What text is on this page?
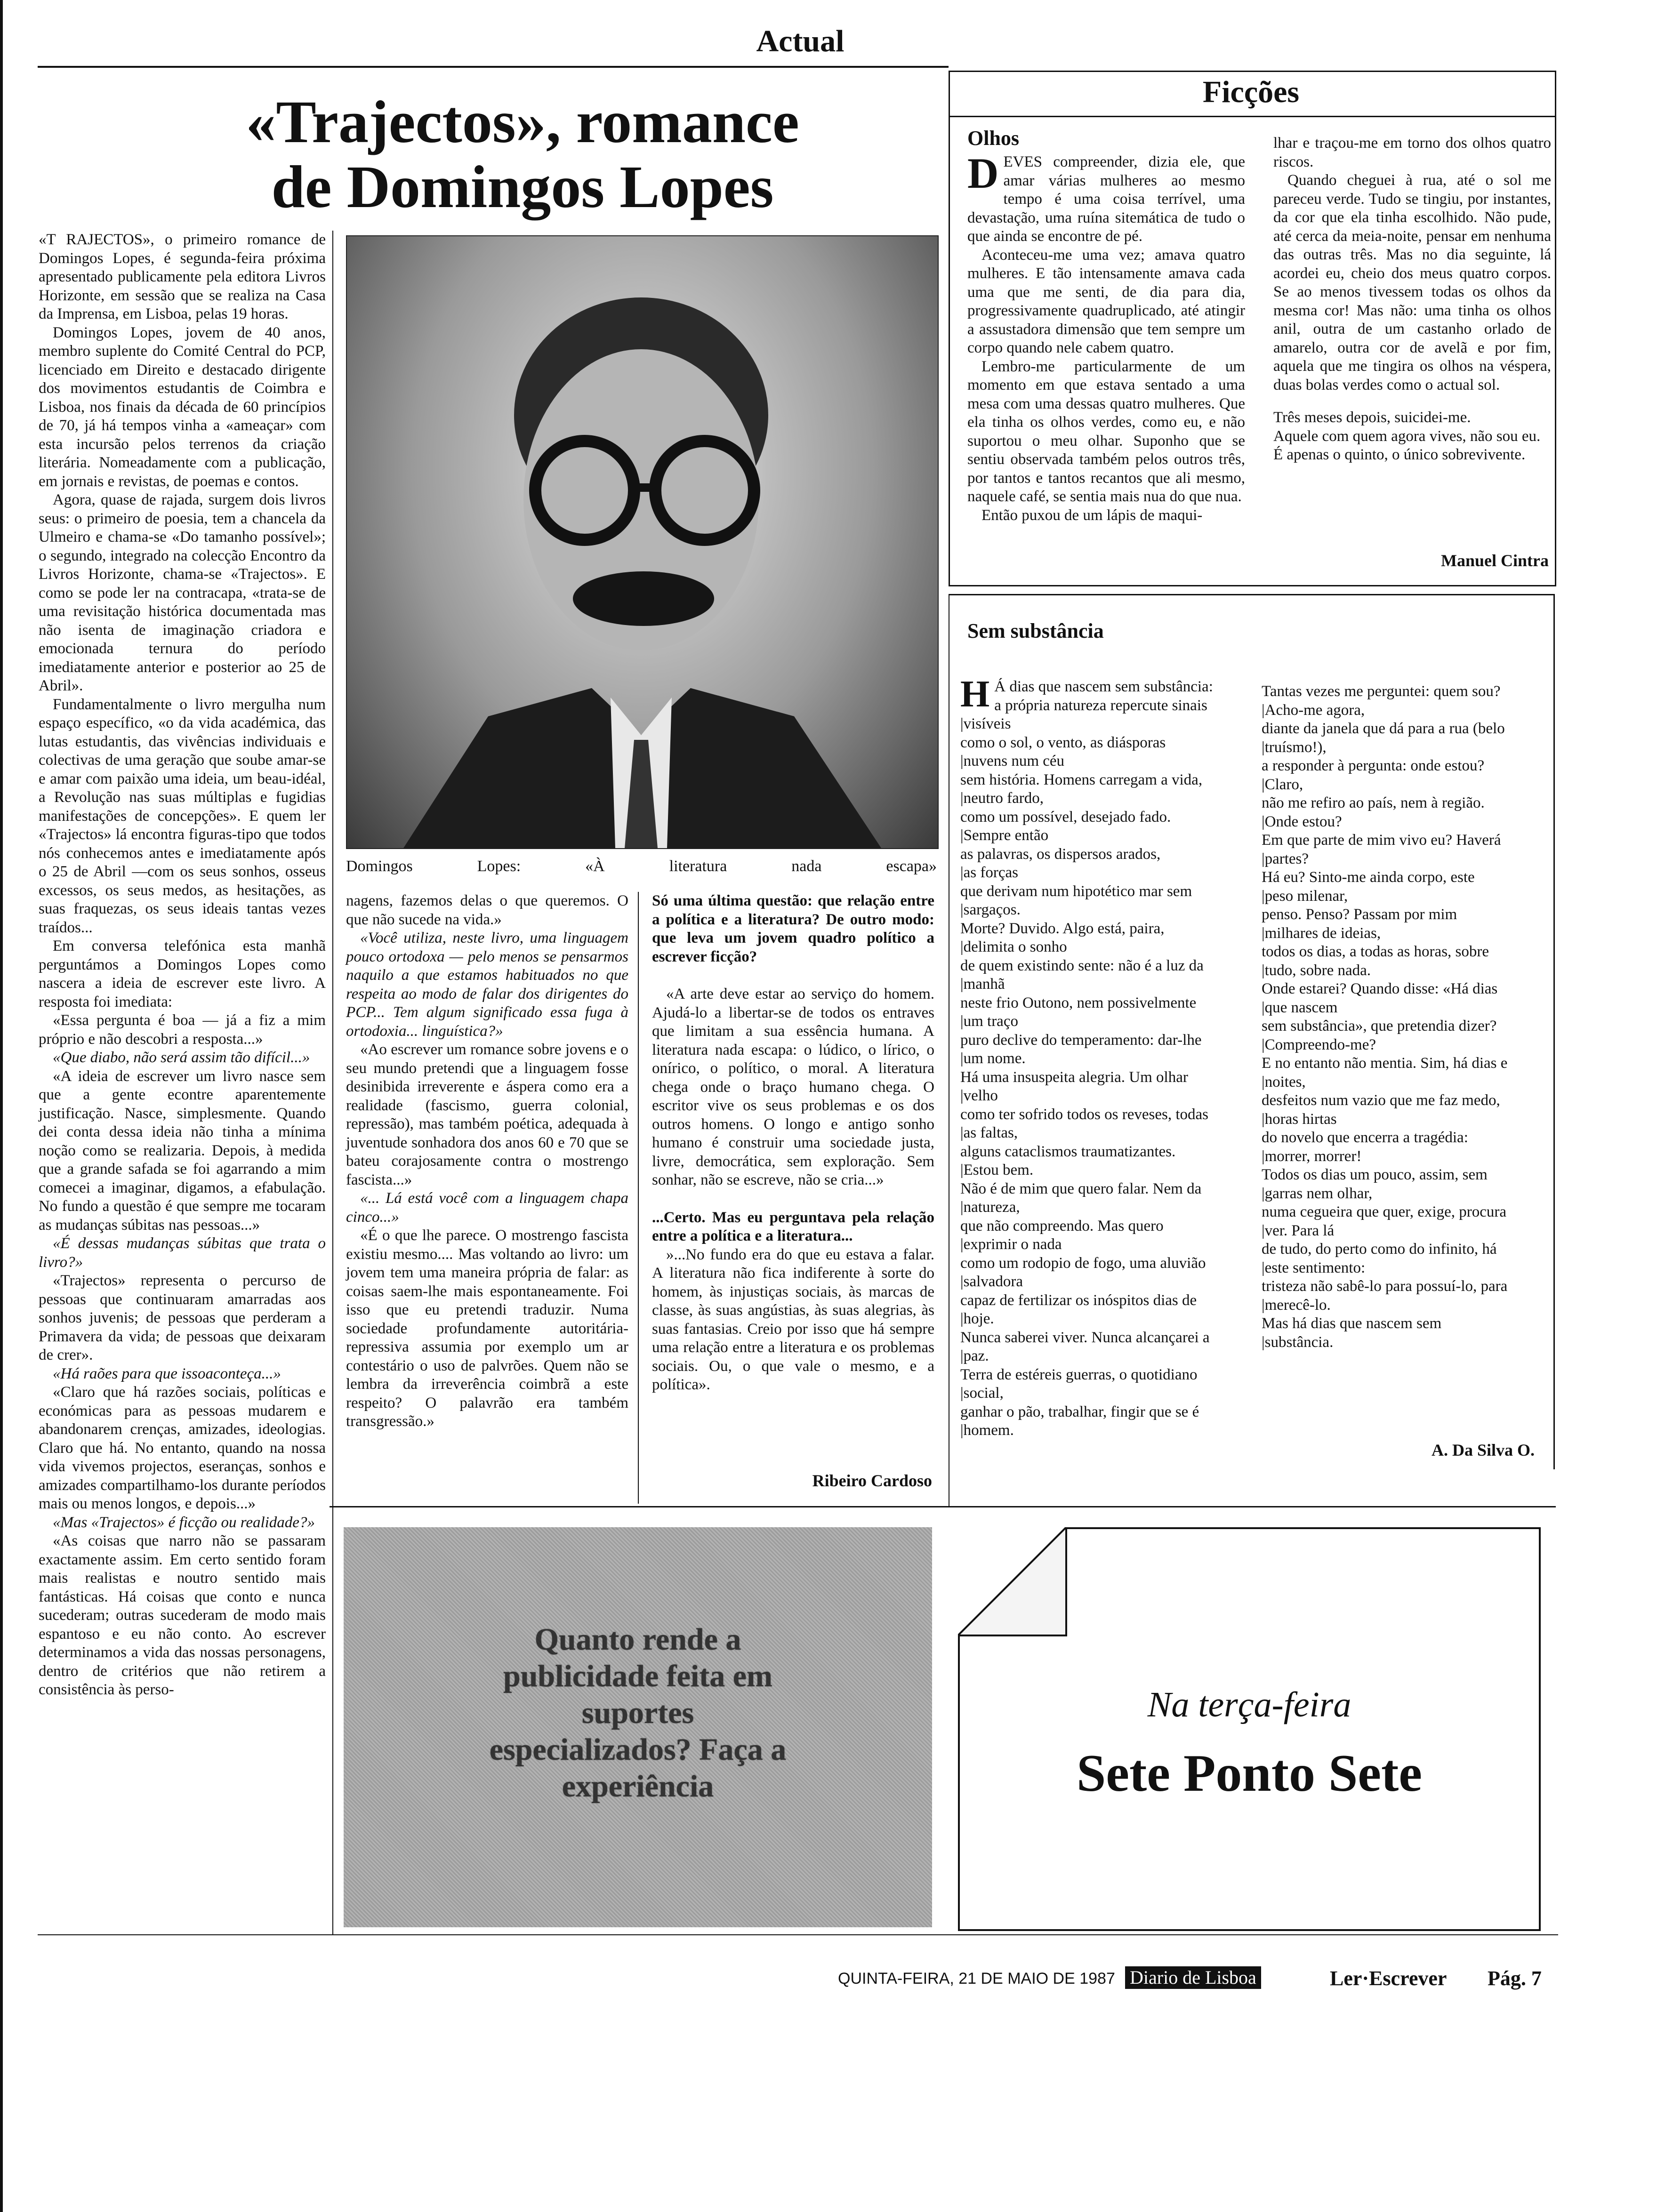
Actual
«Trajectos», romance
de Domingos Lopes

«T RAJECTOS», o primeiro romance de Domingos Lopes, é segunda-feira próxima apresentado publicamente pela editora Livros Horizonte, em sessão que se realiza na Casa da Imprensa, em Lisboa, pelas 19 horas.

Domingos Lopes, jovem de 40 anos, membro suplente do Comité Central do PCP, licenciado em Direito e destacado dirigente dos movimentos estudantis de Coimbra e Lisboa, nos finais da década de 60 princípios de 70, já há tempos vinha a «ameaçar» com esta incursão pelos terrenos da criação literária. Nomeadamente com a publicação, em jornais e revistas, de poemas e contos.

Agora, quase de rajada, surgem dois livros seus: o primeiro de poesia, tem a chancela da Ulmeiro e chama-se «Do tamanho possível»; o segundo, integrado na colecção Encontro da Livros Horizonte, chama-se «Trajectos». E como se pode ler na contracapa, «trata-se de uma revisitação histórica documentada mas não isenta de imaginação criadora e emocionada ternura do período imediatamente anterior e posterior ao 25 de Abril».

Fundamentalmente o livro mergulha num espaço específico, «o da vida académica, das lutas estudantis, das vivências individuais e colectivas de uma geração que soube amar-se e amar com paixão uma ideia, um beau-idéal, a Revolução nas suas múltiplas e fugidias manifestações de concepções». E quem ler «Trajectos» lá encontra figuras-tipo que todos nós conhecemos antes e imediatamente após o 25 de Abril —com os seus sonhos, osseus excessos, os seus medos, as hesitações, as suas fraquezas, os seus ideais tantas vezes traídos...

Em conversa telefónica esta manhã perguntámos a Domingos Lopes como nascera a ideia de escrever este livro. A resposta foi imediata:

«Essa pergunta é boa — já a fiz a mim próprio e não descobri a resposta...»

«Que diabo, não será assim tão difícil...»

«A ideia de escrever um livro nasce sem que a gente econtre aparentemente justificação. Nasce, simplesmente. Quando dei conta dessa ideia não tinha a mínima noção como se realizaria. Depois, à medida que a grande safada se foi agarrando a mim comecei a imaginar, digamos, a efabulação. No fundo a questão é que sempre me tocaram as mudanças súbitas nas pessoas...»

«É dessas mudanças súbitas que trata o livro?»

«Trajectos» representa o percurso de pessoas que continuaram amarradas aos sonhos juvenis; de pessoas que perderam a Primavera da vida; de pessoas que deixaram de crer».

«Há raões para que issoaconteça...»

«Claro que há razões sociais, políticas e económicas para as pessoas mudarem e abandonarem crenças, amizades, ideologias. Claro que há. No entanto, quando na nossa vida vivemos projectos, eseranças, sonhos e amizades compartilhamo-los durante períodos mais ou menos longos, e depois...»

«Mas «Trajectos» é ficção ou realidade?»

«As coisas que narro não se passaram exactamente assim. Em certo sentido foram mais realistas e noutro sentido mais fantásticas. Há coisas que conto e nunca sucederam; outras sucederam de modo mais espantoso e eu não conto. Ao escrever determinamos a vida das nossas personagens, dentro de critérios que não retirem a consistência às perso-

Domingos Lopes: «À literatura nada escapa»

nagens, fazemos delas o que queremos. O que não sucede na vida.»

«Você utiliza, neste livro, uma linguagem pouco ortodoxa — pelo menos se pensarmos naquilo a que estamos habituados no que respeita ao modo de falar dos dirigentes do PCP... Tem algum significado essa fuga à ortodoxia... linguística?»

«Ao escrever um romance sobre jovens e o seu mundo pretendi que a linguagem fosse desinibida irreverente e áspera como era a realidade (fascismo, guerra colonial, repressão), mas também poética, adequada à juventude sonhadora dos anos 60 e 70 que se bateu corajosamente contra o mostrengo fascista...»

«... Lá está você com a linguagem chapa cinco...»

«É o que lhe parece. O mostrengo fascista existiu mesmo.... Mas voltando ao livro: um jovem tem uma maneira própria de falar: as coisas saem-lhe mais espontaneamente. Foi isso que eu pretendi traduzir. Numa sociedade profundamente autoritária-repressiva assumia por exemplo um ar contestário o uso de palvrões. Quem não se lembra da irreverência coimbrã a este respeito? O palavrão era também transgressão.»

Só uma última questão: que relação entre a política e a literatura? De outro modo: que leva um jovem quadro político a escrever ficção?

«A arte deve estar ao serviço do homem. Ajudá-lo a libertar-se de todos os entraves que limitam a sua essência humana. A literatura nada escapa: o lúdico, o lírico, o onírico, o político, o moral. A literatura chega onde o braço humano chega. O escritor vive os seus problemas e os dos outros homens. O longo e antigo sonho humano é construir uma sociedade justa, livre, democrática, sem exploração. Sem sonhar, não se escreve, não se cria...»

...Certo. Mas eu perguntava pela relação entre a política e a literatura...

»...No fundo era do que eu estava a falar. A literatura não fica indiferente à sorte do homem, às injustiças sociais, às marcas de classe, às suas angústias, às suas alegrias, às suas fantasias. Creio por isso que há sempre uma relação entre a literatura e os problemas sociais. Ou, o que vale o mesmo, e a política».

Ribeiro Cardoso
Ficções
Olhos
D EVES compreender, dizia ele, que amar várias mulheres ao mesmo tempo é uma coisa terrível, uma devastação, uma ruína sitemática de tudo o que ainda se encontre de pé.

Aconteceu-me uma vez; amava quatro mulheres. E tão intensamente amava cada uma que me senti, de dia para dia, progressivamente quadruplicado, até atingir a assustadora dimensão que tem sempre um corpo quando nele cabem quatro.

Lembro-me particularmente de um momento em que estava sentado a uma mesa com uma dessas quatro mulheres. Que ela tinha os olhos verdes, como eu, e não suportou o meu olhar. Suponho que se sentiu observada também pelos outros três, por tantos e tantos recantos que ali mesmo, naquele café, se sentia mais nua do que nua.

Então puxou de um lápis de maqui-

lhar e traçou-me em torno dos olhos quatro riscos.

Quando cheguei à rua, até o sol me pareceu verde. Tudo se tingiu, por instantes, da cor que ela tinha escolhido. Não pude, até cerca da meia-noite, pensar em nenhuma das outras três. Mas no dia seguinte, lá acordei eu, cheio dos meus quatro corpos. Se ao menos tivessem todas os olhos da mesma cor! Mas não: uma tinha os olhos anil, outra de um castanho orlado de amarelo, outra cor de avelã e por fim, aquela que me tingira os olhos na véspera, duas bolas verdes como o actual sol.

Três meses depois, suicidei-me.

Aquele com quem agora vives, não sou eu.

É apenas o quinto, o único sobrevivente.

Manuel Cintra
Sem substância
H Á dias que nascem sem substância:
a própria natureza repercute sinais
|visíveis
como o sol, o vento, as diásporas
|nuvens num céu
sem história. Homens carregam a vida,
|neutro fardo,
como um possível, desejado fado.
|Sempre então
as palavras, os dispersos arados,
|as forças
que derivam num hipotético mar sem
|sargaços.
Morte? Duvido. Algo está, paira,
|delimita o sonho
de quem existindo sente: não é a luz da
|manhã
neste frio Outono, nem possivelmente
|um traço
puro declive do temperamento: dar-lhe
|um nome.
Há uma insuspeita alegria. Um olhar
|velho
como ter sofrido todos os reveses, todas
|as faltas,
alguns cataclismos traumatizantes.
|Estou bem.
Não é de mim que quero falar. Nem da
|natureza,
que não compreendo. Mas quero
|exprimir o nada
como um rodopio de fogo, uma aluvião
|salvadora
capaz de fertilizar os inóspitos dias de
|hoje.
Nunca saberei viver. Nunca alcançarei a
|paz.
Terra de estéreis guerras, o quotidiano
|social,
ganhar o pão, trabalhar, fingir que se é
|homem.
Tantas vezes me perguntei: quem sou?
|Acho-me agora,
diante da janela que dá para a rua (belo
|truísmo!),
a responder à pergunta: onde estou?
|Claro,
não me refiro ao país, nem à região.
|Onde estou?
Em que parte de mim vivo eu? Haverá
|partes?
Há eu? Sinto-me ainda corpo, este
|peso milenar,
penso. Penso? Passam por mim
|milhares de ideias,
todos os dias, a todas as horas, sobre
|tudo, sobre nada.
Onde estarei? Quando disse: «Há dias
|que nascem
sem substância», que pretendia dizer?
|Compreendo-me?
E no entanto não mentia. Sim, há dias e
|noites,
desfeitos num vazio que me faz medo,
|horas hirtas
do novelo que encerra a tragédia:
|morrer, morrer!
Todos os dias um pouco, assim, sem
|garras nem olhar,
numa cegueira que quer, exige, procura
|ver. Para lá
de tudo, do perto como do infinito, há
|este sentimento:
tristeza não sabê-lo para possuí-lo, para
|merecê-lo.
Mas há dias que nascem sem
|substância.
A. Da Silva O.
Quanto rende a publicidade feita em suportes especializados? Faça a experiência
Na terça-feira
Sete Ponto Sete
QUINTA-FEIRA, 21 DE MAIO DE 1987 Diario de Lisboa	Ler·Escrever Pág. 7
